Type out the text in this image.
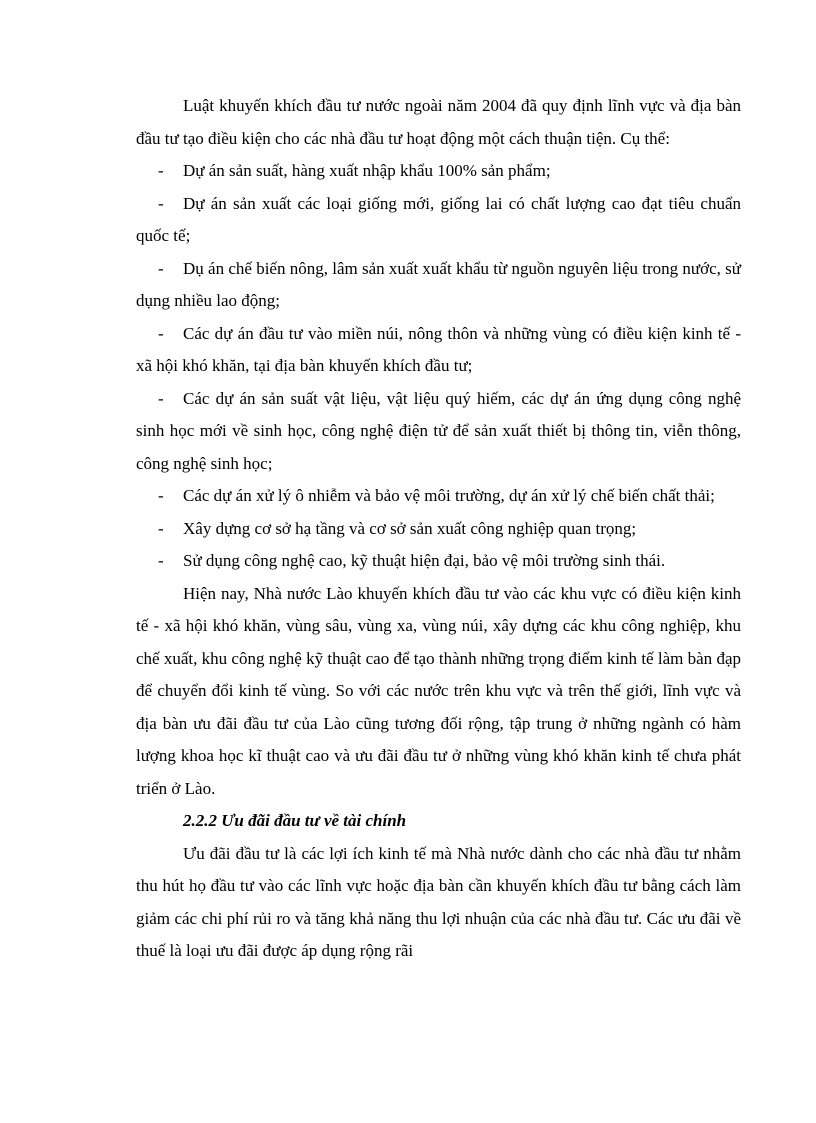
Luật khuyến khích đầu tư nước ngoài năm 2004 đã quy định lĩnh vực và địa bàn đầu tư tạo điều kiện cho các nhà đầu tư hoạt động một cách thuận tiện. Cụ thể:

- Dự án sản suất, hàng xuất nhập khẩu 100% sản phẩm;

- Dự án sản xuất các loại giống mới, giống lai có chất lượng cao đạt tiêu chuẩn quốc tế;

- Dụ án chế biến nông, lâm sản xuất xuất khẩu từ nguồn nguyên liệu trong nước, sử dụng nhiều lao động;

- Các dự án đầu tư vào miền núi, nông thôn và những vùng có điều kiện kinh tế - xã hội khó khăn, tại địa bàn khuyến khích đầu tư;

- Các dự án sản suất vật liệu, vật liệu quý hiếm, các dự án ứng dụng công nghệ sinh học mới về sinh học, công nghệ điện tử để sản xuất thiết bị thông tin, viễn thông, công nghệ sinh học;

- Các dự án xử lý ô nhiễm và bảo vệ môi trường, dự án xử lý chế biến chất thải;

- Xây dựng cơ sở hạ tầng và cơ sở sản xuất công nghiệp quan trọng;

- Sử dụng công nghệ cao, kỹ thuật hiện đại, bảo vệ môi trường sinh thái.

Hiện nay, Nhà nước Lào khuyến khích đầu tư vào các khu vực có điều kiện kinh tế - xã hội khó khăn, vùng sâu, vùng xa, vùng núi, xây dựng các khu công nghiệp, khu chế xuất, khu công nghệ kỹ thuật cao để tạo thành những trọng điểm kinh tế làm bàn đạp để chuyển đổi kinh tế vùng. So với các nước trên khu vực và trên thế giới, lĩnh vực và địa bàn ưu đãi đầu tư của Lào cũng tương đối rộng, tập trung ở những ngành có hàm lượng khoa học kĩ thuật cao và ưu đãi đầu tư ở những vùng khó khăn kinh tế chưa phát triển ở Lào.

2.2.2 Ưu đãi đầu tư về tài chính

Ưu đãi đầu tư là các lợi ích kinh tế mà Nhà nước dành cho các nhà đầu tư nhằm thu hút họ đầu tư vào các lĩnh vực hoặc địa bàn cần khuyến khích đầu tư bằng cách làm giảm các chi phí rủi ro và tăng khả năng thu lợi nhuận của các nhà đầu tư. Các ưu đãi về thuế là loại ưu đãi được áp dụng rộng rãi
